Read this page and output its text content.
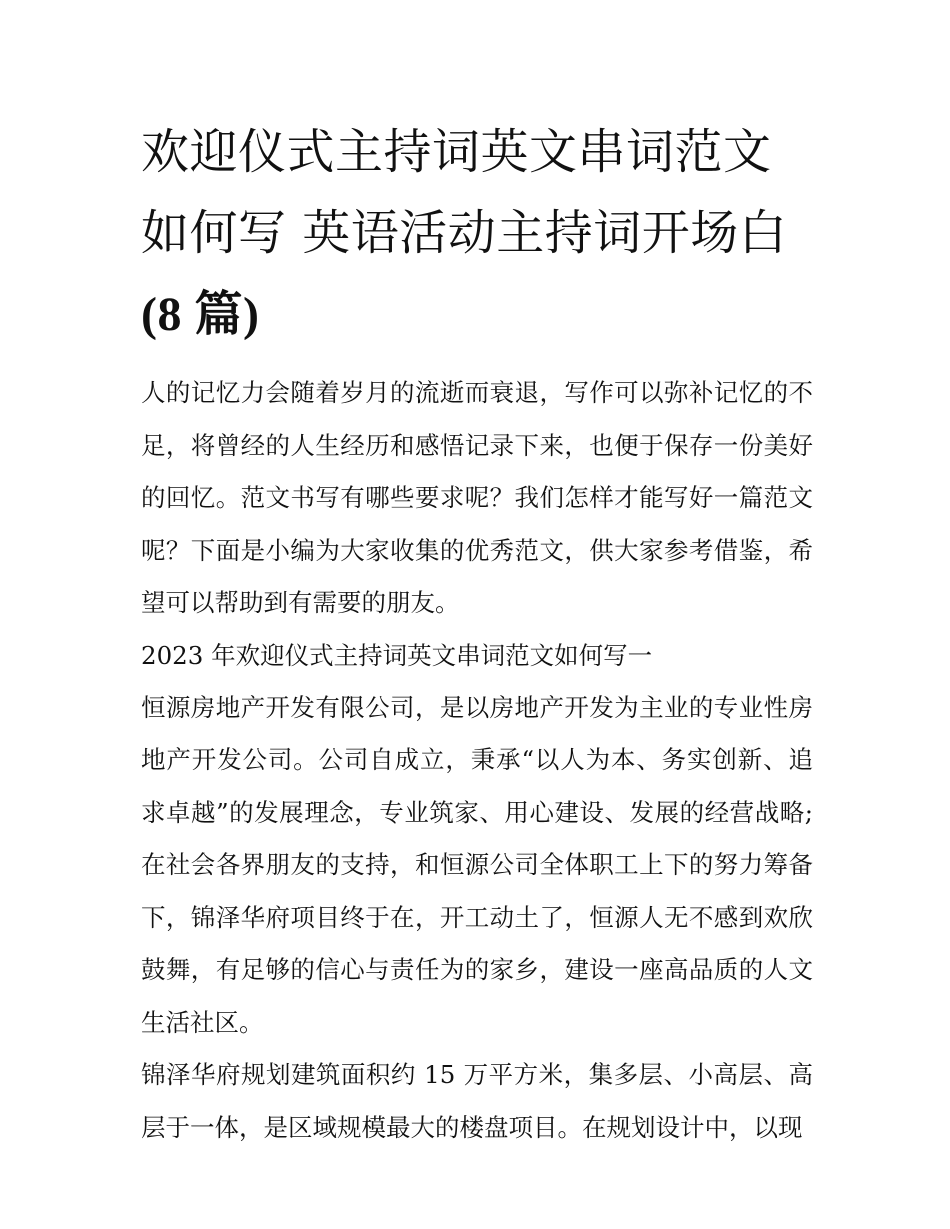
欢迎仪式主持词英文串词范文如何写 英语活动主持词开场白
(8 篇)

人的记忆力会随着岁月的流逝而衰退，写作可以弥补记忆的不足，将曾经的人生经历和感悟记录下来，也便于保存一份美好的回忆。范文书写有哪些要求呢？我们怎样才能写好一篇范文呢？下面是小编为大家收集的优秀范文，供大家参考借鉴，希望可以帮助到有需要的朋友。

2023 年欢迎仪式主持词英文串词范文如何写一

恒源房地产开发有限公司，是以房地产开发为主业的专业性房地产开发公司。公司自成立，秉承“以人为本、务实创新、追求卓越”的发展理念，专业筑家、用心建设、发展的经营战略;在社会各界朋友的支持，和恒源公司全体职工上下的努力筹备下，锦泽华府项目终于在，开工动土了，恒源人无不感到欢欣鼓舞，有足够的信心与责任为的家乡，建设一座高品质的人文生活社区。

锦泽华府规划建筑面积约 15 万平方米，集多层、小高层、高层于一体，是区域规模最大的楼盘项目。在规划设计中，以现
